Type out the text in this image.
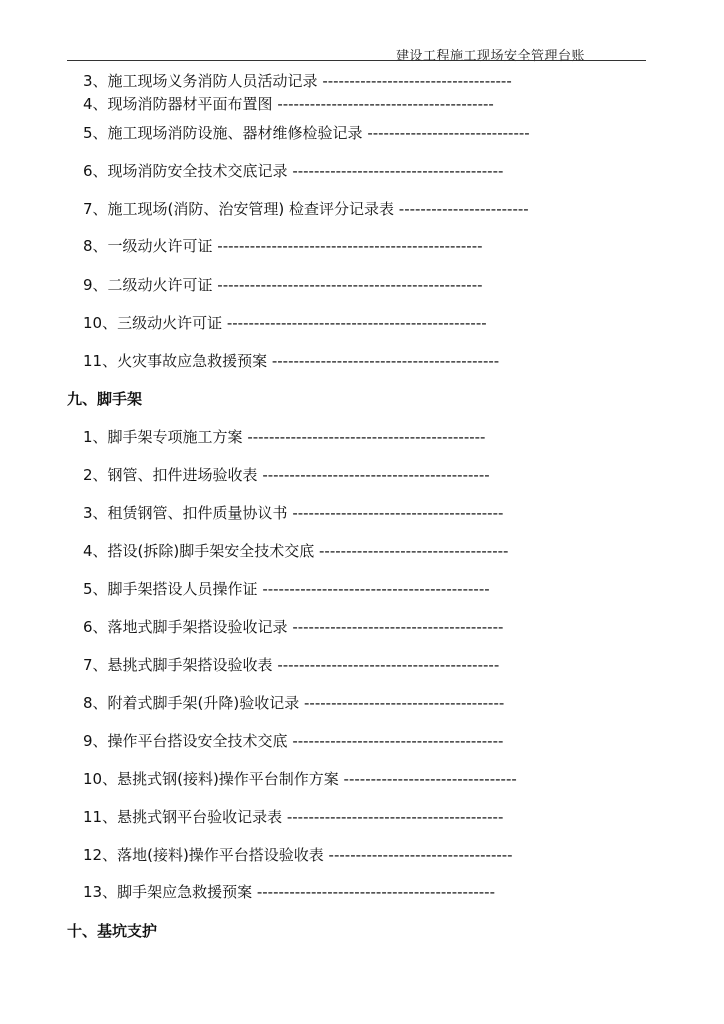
建设工程施工现场安全管理台账
3、施工现场义务消防人员活动记录 -----------------------------------
4、现场消防器材平面布置图 ----------------------------------------
5、施工现场消防设施、器材维修检验记录 ------------------------------
6、现场消防安全技术交底记录 ---------------------------------------
7、施工现场(消防、治安管理) 检查评分记录表 ------------------------
8、一级动火许可证 -------------------------------------------------
9、二级动火许可证 -------------------------------------------------
10、三级动火许可证 ------------------------------------------------
11、火灾事故应急救援预案 ------------------------------------------
九、脚手架
1、脚手架专项施工方案 --------------------------------------------
2、钢管、扣件进场验收表 ------------------------------------------
3、租赁钢管、扣件质量协议书 ---------------------------------------
4、搭设(拆除)脚手架安全技术交底 -----------------------------------
5、脚手架搭设人员操作证 ------------------------------------------
6、落地式脚手架搭设验收记录 ---------------------------------------
7、悬挑式脚手架搭设验收表 -----------------------------------------
8、附着式脚手架(升降)验收记录 -------------------------------------
9、操作平台搭设安全技术交底 ---------------------------------------
10、悬挑式钢(接料)操作平台制作方案 --------------------------------
11、悬挑式钢平台验收记录表 ----------------------------------------
12、落地(接料)操作平台搭设验收表 ----------------------------------
13、脚手架应急救援预案 --------------------------------------------
十、基坑支护
